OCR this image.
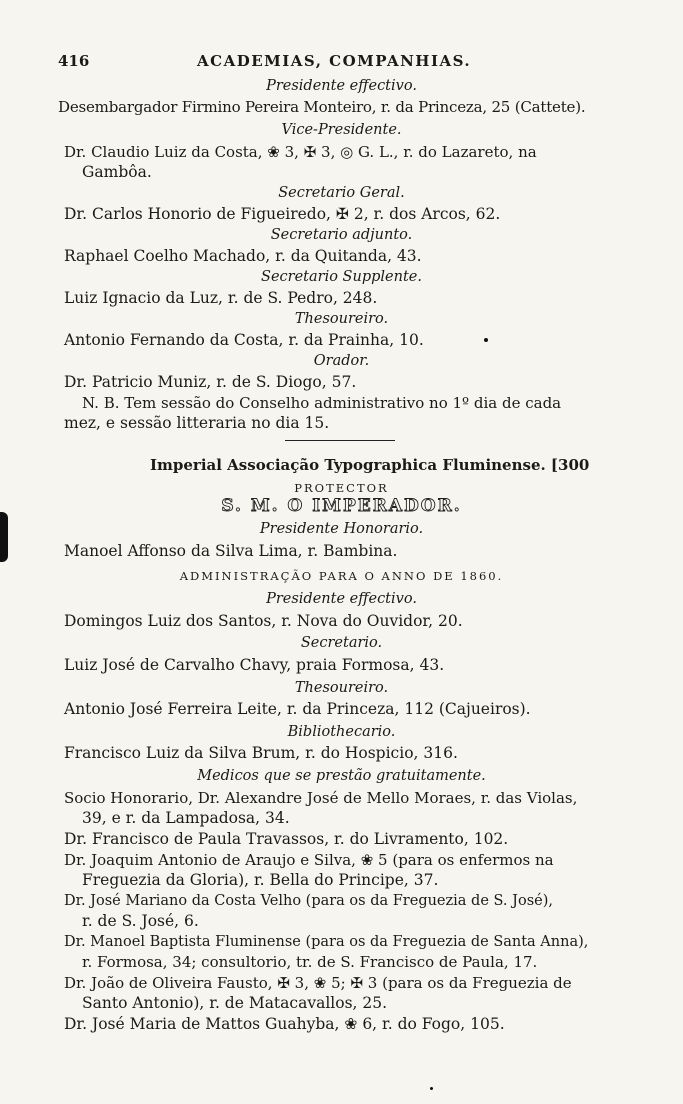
416	ACADEMIAS, COMPANHIAS.
Presidente effectivo.
Desembargador Firmino Pereira Monteiro, r. da Princeza, 25 (Cattete).
Vice-Presidente.
Dr. Claudio Luiz da Costa, ❀ 3, ✠ 3, ◎ G. L., r. do Lazareto, na
Gambôa.
Secretario Geral.
Dr. Carlos Honorio de Figueiredo, ✠ 2, r. dos Arcos, 62.
Secretario adjunto.
Raphael Coelho Machado, r. da Quitanda, 43.
Secretario Supplente.
Luiz Ignacio da Luz, r. de S. Pedro, 248.
Thesoureiro.
Antonio Fernando da Costa, r. da Prainha, 10.
Orador.
Dr. Patricio Muniz, r. de S. Diogo, 57.
N. B. Tem sessão do Conselho administrativo no 1º dia de cada
mez, e sessão litteraria no dia 15.
Imperial Associação Typographica Fluminense. [300
PROTECTOR
S. M. O IMPERADOR.
Presidente Honorario.
Manoel Affonso da Silva Lima, r. Bambina.
ADMINISTRAÇÃO PARA O ANNO DE 1860.
Presidente effectivo.
Domingos Luiz dos Santos, r. Nova do Ouvidor, 20.
Secretario.
Luiz José de Carvalho Chavy, praia Formosa, 43.
Thesoureiro.
Antonio José Ferreira Leite, r. da Princeza, 112 (Cajueiros).
Bibliothecario.
Francisco Luiz da Silva Brum, r. do Hospicio, 316.
Medicos que se prestão gratuitamente.
Socio Honorario, Dr. Alexandre José de Mello Moraes, r. das Violas,
39, e r. da Lampadosa, 34.
Dr. Francisco de Paula Travassos, r. do Livramento, 102.
Dr. Joaquim Antonio de Araujo e Silva, ❀ 5 (para os enfermos na
Freguezia da Gloria), r. Bella do Principe, 37.
Dr. José Mariano da Costa Velho (para os da Freguezia de S. José),
r. de S. José, 6.
Dr. Manoel Baptista Fluminense (para os da Freguezia de Santa Anna),
r. Formosa, 34; consultorio, tr. de S. Francisco de Paula, 17.
Dr. João de Oliveira Fausto, ✠ 3, ❀ 5; ✠ 3 (para os da Freguezia de
Santo Antonio), r. de Matacavallos, 25.
Dr. José Maria de Mattos Guahyba, ❀ 6, r. do Fogo, 105.
